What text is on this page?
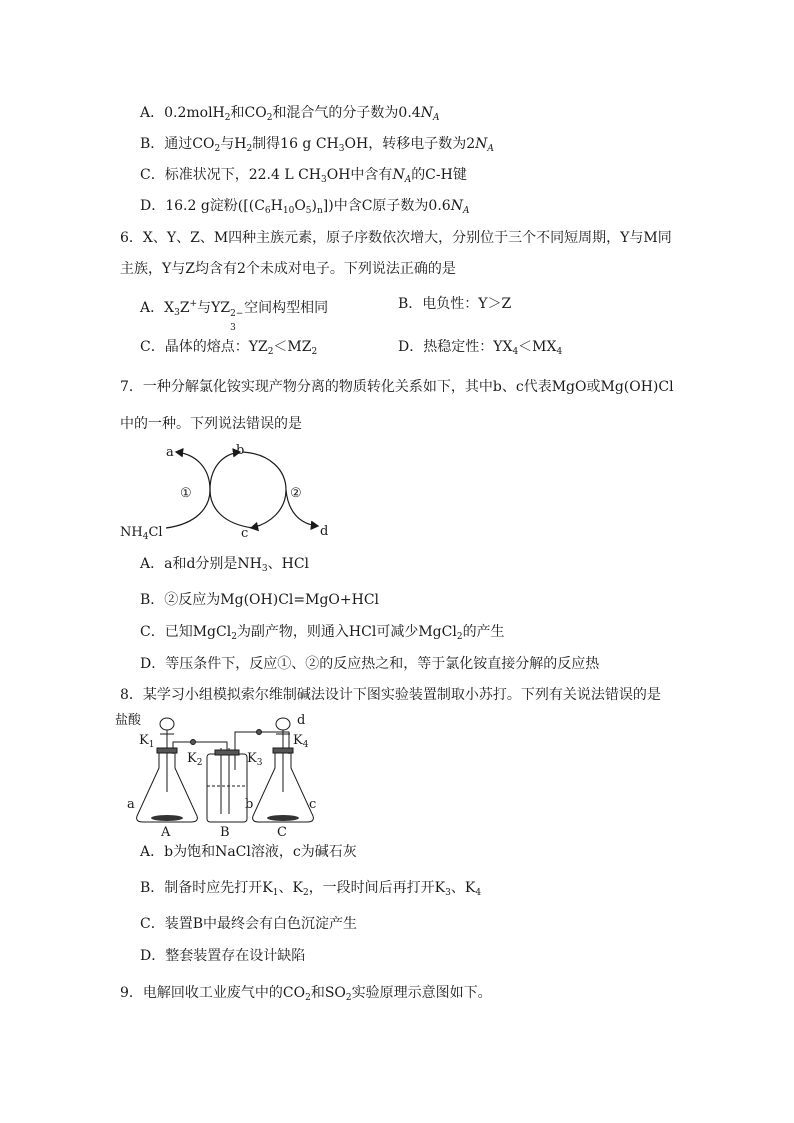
A．0.2molH$_2$和$CO_2$和混合气的分子数为$0.4N_A$
B．通过$CO_2$与$H_2$制得16 g $CH_3OH$，转移电子数为$2N_A$
C．标准状况下，22.4 L $CH_3OH$中含有$N_A$的C-H键
D．16.2 g淀粉$([(C_6H_{10}O_5)_n])$中含C原子数为$0.6N_A$
6．X、Y、Z、M四种主族元素，原子序数依次增大，分别位于三个不同短周期，Y与M同
主族，Y与Z均含有2个未成对电子。下列说法正确的是
A．$X_3Z^+$与YZ 2−
3
空间构型相同	B．电负性：Y＞Z
C．晶体的熔点：$YZ_2<MZ_2$	D．热稳定性：$YX_4<MX_4$
7．一种分解氯化铵实现产物分离的物质转化关系如下，其中b、c代表MgO或Mg(OH)Cl
中的一种。下列说法错误的是
a	b
c	d
①	②
$NH_4Cl$
A．a和d分别是$NH_3$、HCl
B．②反应为Mg(OH)Cl=MgO+HCl
C．已知MgCl$_2$为副产物，则通入HCl可减少MgCl$_2$的产生
D．等压条件下，反应①、②的反应热之和，等于氯化铵直接分解的反应热
8．某学习小组模拟索尔维制碱法设计下图实验装置制取小苏打。下列有关说法错误的是
盐酸
$K_1$
$K_2$	$K_3$
$K_4$
d
a	b	c
A	B	C
A．b为饱和NaCl溶液，c为碱石灰
B．制备时应先打开$K_1$、$K_2$，一段时间后再打开$K_3$、$K_4$
C．装置B中最终会有白色沉淀产生
D．整套装置存在设计缺陷
9．电解回收工业废气中的$CO_2$和$SO_2$实验原理示意图如下。
